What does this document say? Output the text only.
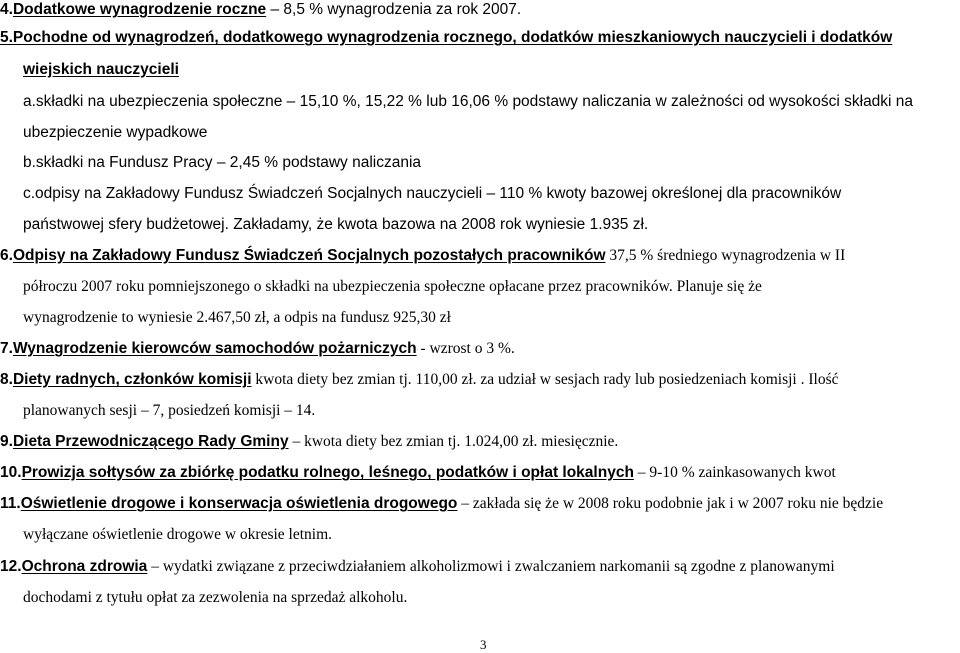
4.Dodatkowe wynagrodzenie roczne – 8,5 % wynagrodzenia za rok 2007.
5.Pochodne od wynagrodzeń, dodatkowego wynagrodzenia rocznego, dodatków mieszkaniowych nauczycieli i dodatków
wiejskich nauczycieli
a.składki na ubezpieczenia społeczne – 15,10 %, 15,22 % lub 16,06 % podstawy naliczania w zależności od wysokości składki na
ubezpieczenie wypadkowe
b.składki na Fundusz Pracy – 2,45 % podstawy naliczania
c.odpisy na Zakładowy Fundusz Świadczeń Socjalnych nauczycieli – 110 % kwoty bazowej określonej dla pracowników
państwowej sfery budżetowej. Zakładamy, że kwota bazowa na 2008 rok wyniesie 1.935 zł.
6.Odpisy na Zakładowy Fundusz Świadczeń Socjalnych pozostałych pracowników 37,5 % średniego wynagrodzenia w II
półroczu 2007 roku pomniejszonego o składki na ubezpieczenia społeczne opłacane przez pracowników. Planuje się że
wynagrodzenie to wyniesie 2.467,50 zł, a odpis na fundusz 925,30 zł
7.Wynagrodzenie kierowców samochodów pożarniczych - wzrost o 3 %.
8.Diety radnych, członków komisji kwota diety bez zmian tj. 110,00 zł. za udział w sesjach rady lub posiedzeniach komisji . Ilość
planowanych sesji – 7, posiedzeń komisji – 14.
9.Dieta Przewodniczącego Rady Gminy – kwota diety bez zmian tj. 1.024,00 zł. miesięcznie.
10.Prowizja sołtysów za zbiórkę podatku rolnego, leśnego, podatków i opłat lokalnych – 9-10 % zainkasowanych kwot
11.Oświetlenie drogowe i konserwacja oświetlenia drogowego – zakłada się że w 2008 roku podobnie jak i w 2007 roku nie będzie
wyłączane oświetlenie drogowe w okresie letnim.
12.Ochrona zdrowia – wydatki związane z przeciwdziałaniem alkoholizmowi i zwalczaniem narkomanii są zgodne z planowanymi
dochodami z tytułu opłat za zezwolenia na sprzedaż alkoholu.
3
